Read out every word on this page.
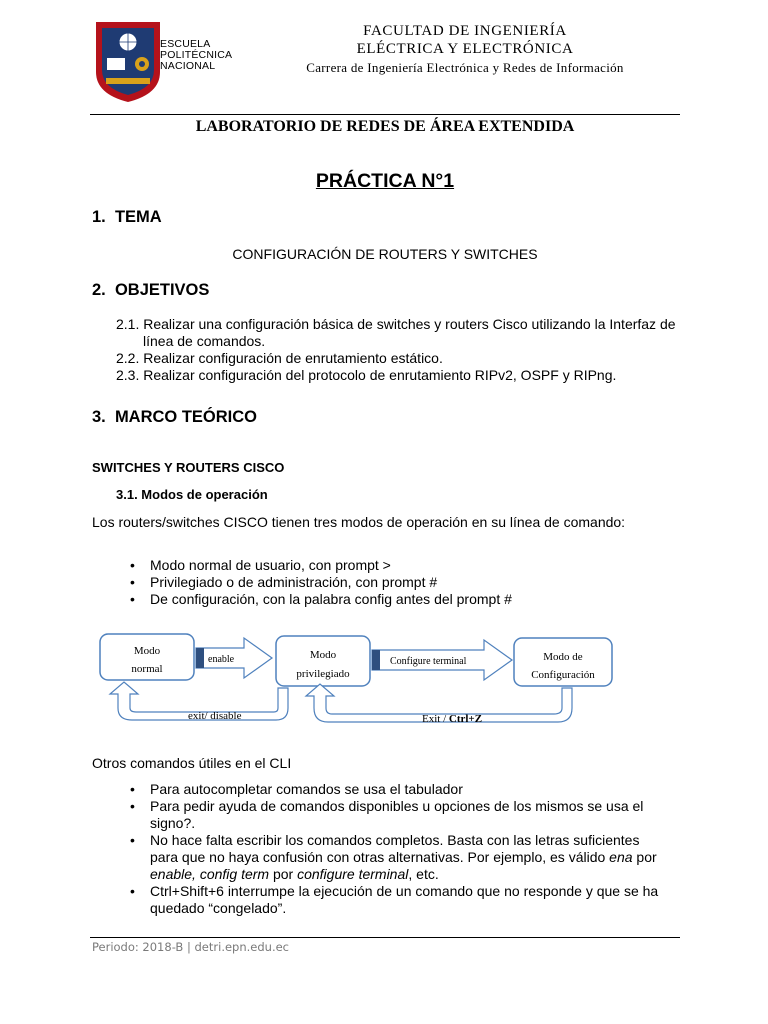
ESCUELA
POLITÉCNICA
NACIONAL
FACULTAD DE INGENIERÍA
ELÉCTRICA Y ELECTRÓNICA
Carrera de Ingeniería Electrónica y Redes de Información
LABORATORIO DE REDES DE ÁREA EXTENDIDA
PRÁCTICA N°1
1. TEMA
CONFIGURACIÓN DE ROUTERS Y SWITCHES
2. OBJETIVOS
2.1. Realizar una configuración básica de switches y routers Cisco utilizando la Interfaz de
línea de comandos.
2.2. Realizar configuración de enrutamiento estático.
2.3. Realizar configuración del protocolo de enrutamiento RIPv2, OSPF y RIPng.
3. MARCO TEÓRICO
SWITCHES Y ROUTERS CISCO
3.1. Modos de operación
Los routers/switches CISCO tienen tres modos de operación en su línea de comando:
• Modo normal de usuario, con prompt >
• Privilegiado o de administración, con prompt #
• De configuración, con la palabra config antes del prompt #
Modo
normal
enable	Modo
privilegiado
Configure terminal	Modo de
Configuración
exit/ disable	Exit / Ctrl+Z
Otros comandos útiles en el CLI
• Para autocompletar comandos se usa el tabulador
• Para pedir ayuda de comandos disponibles u opciones de los mismos se usa el
signo?.
• No hace falta escribir los comandos completos. Basta con las letras suficientes
para que no haya confusión con otras alternativas. Por ejemplo, es válido ena por
enable, config term por configure terminal, etc.
• Ctrl+Shift+6 interrumpe la ejecución de un comando que no responde y que se ha
quedado “congelado”.
Periodo: 2018-B | detri.epn.edu.ec
